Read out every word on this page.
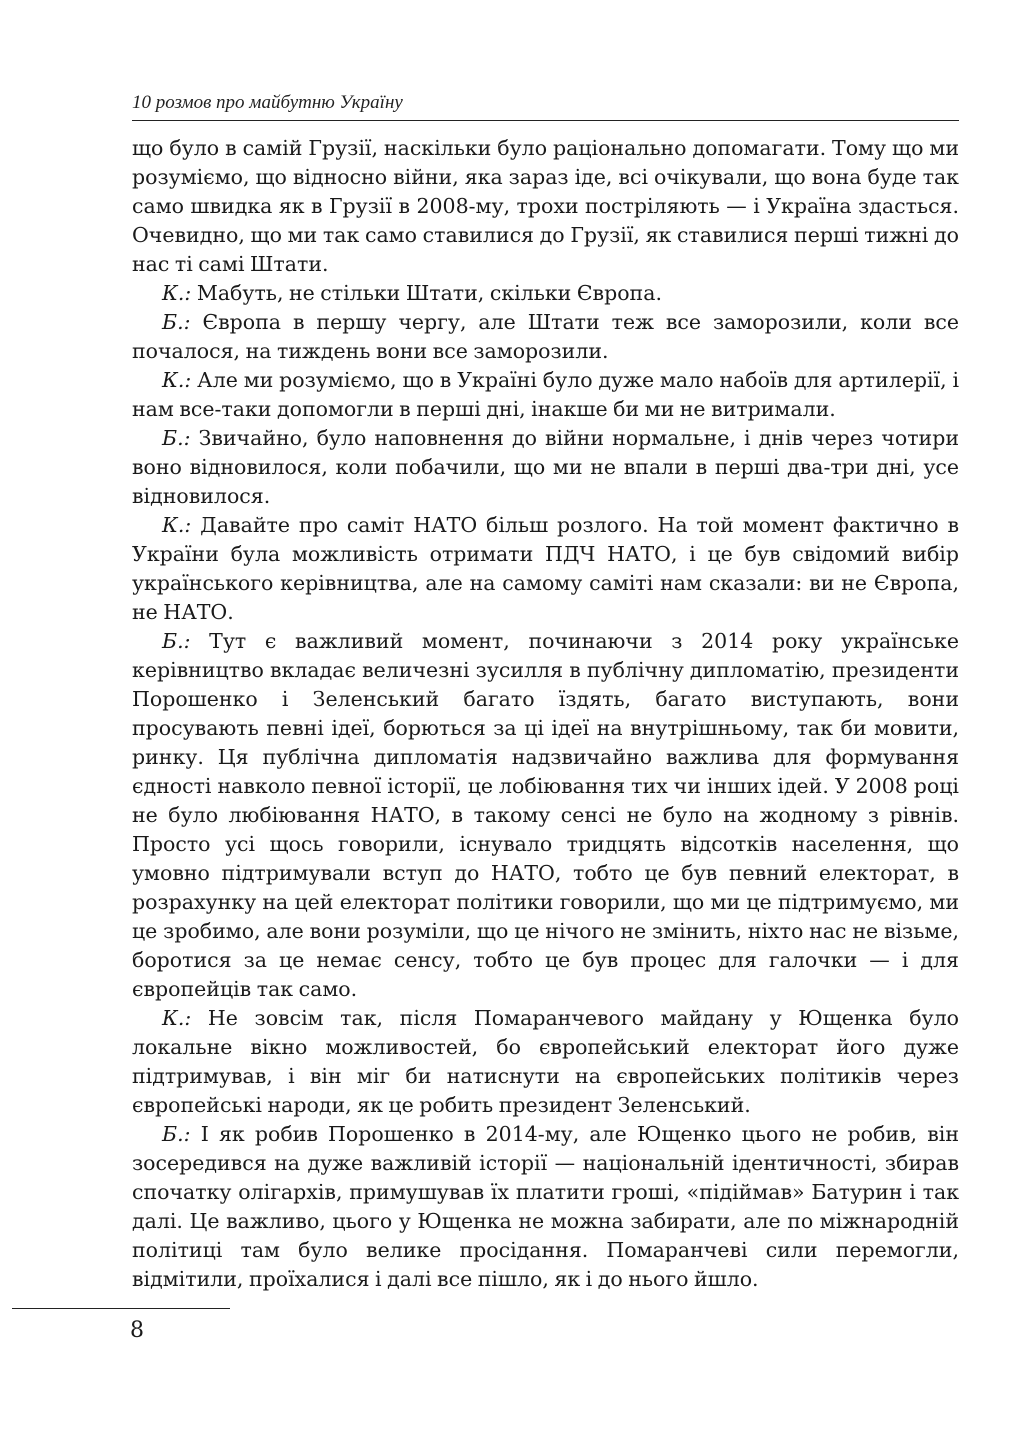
10 розмов про майбутню Україну

що було в самій Грузії, наскільки було раціонально допомагати. Тому що ми розуміємо, що відносно війни, яка зараз іде, всі очікували, що вона буде так само швидка як в Грузії в 2008-му, трохи постріляють — і Україна здасться. Очевидно, що ми так само ставилися до Грузії, як ставилися перші тижні до нас ті самі Штати.

К.: Мабуть, не стільки Штати, скільки Європа.

Б.: Європа в першу чергу, але Штати теж все заморозили, коли все почалося, на тиждень вони все заморозили.

К.: Але ми розуміємо, що в Україні було дуже мало набоїв для артилерії, і нам все-таки допомогли в перші дні, інакше би ми не витримали.

Б.: Звичайно, було наповнення до війни нормальне, і днів через чотири воно відновилося, коли побачили, що ми не впали в перші два-три дні, усе відновилося.

К.: Давайте про саміт НАТО більш розлого. На той момент фактично в України була можливість отримати ПДЧ НАТО, і це був свідомий вибір українського керівництва, але на самому саміті нам сказали: ви не Європа, не НАТО.

Б.: Тут є важливий момент, починаючи з 2014 року українське керівництво вкладає величезні зусилля в публічну дипломатію, президенти Порошенко і Зеленський багато їздять, багато виступають, вони просувають певні ідеї, борються за ці ідеї на внутрішньому, так би мовити, ринку. Ця публічна дипломатія надзвичайно важлива для формування єдності навколо певної історії, це лобіювання тих чи інших ідей. У 2008 році не було любіювання НАТО, в такому сенсі не було на жодному з рівнів. Просто усі щось говорили, існувало тридцять відсотків населення, що умовно підтримували вступ до НАТО, тобто це був певний електорат, в розрахунку на цей електорат політики говорили, що ми це підтримуємо, ми це зробимо, але вони розуміли, що це нічого не змінить, ніхто нас не візьме, боротися за це немає сенсу, тобто це був процес для галочки — і для європейців так само.

К.: Не зовсім так, після Помаранчевого майдану у Ющенка було локальне вікно можливостей, бо європейський електорат його дуже підтримував, і він міг би натиснути на європейських політиків через європейські народи, як це робить президент Зеленський.

Б.: І як робив Порошенко в 2014-му, але Ющенко цього не робив, він зосередився на дуже важливій історії — національній ідентичності, збирав спочатку олігархів, примушував їх платити гроші, «підіймав» Батурин і так далі. Це важливо, цього у Ющенка не можна забирати, але по міжнародній політиці там було велике просідання. Помаранчеві сили перемогли, відмітили, проїхалися і далі все пішло, як і до нього йшло.

8
